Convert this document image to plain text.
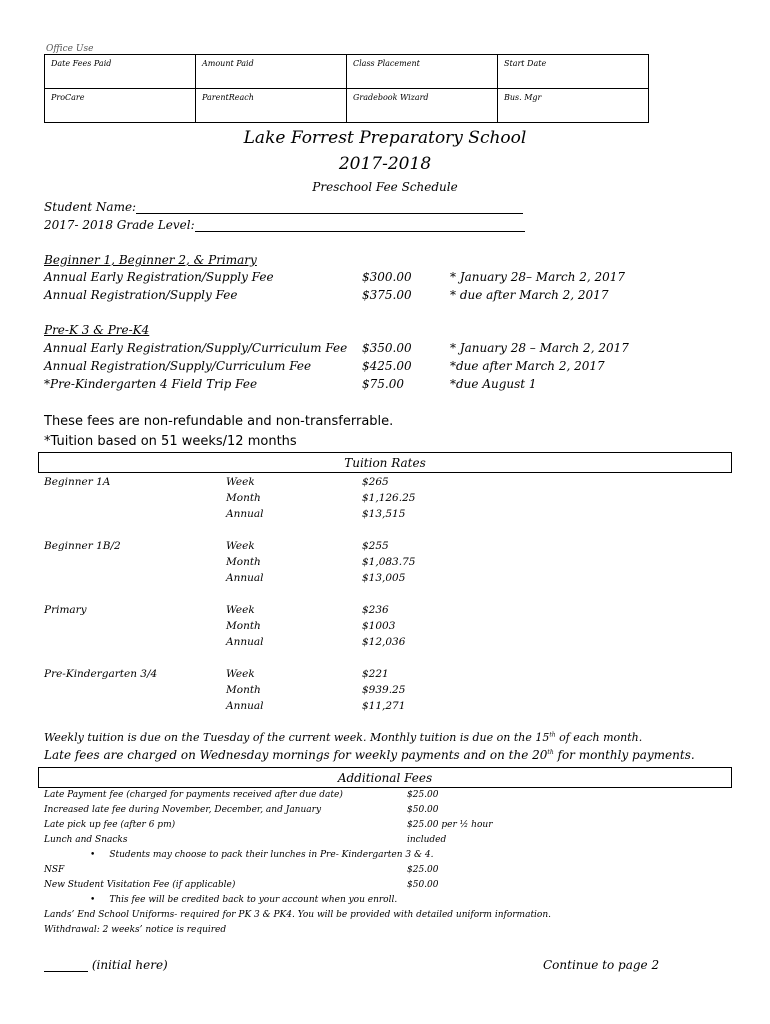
Office Use
Date Fees Paid	Amount Paid	Class Placement	Start Date
ProCare	ParentReach	Gradebook Wizard	Bus. Mgr
Lake Forrest Preparatory School
2017-2018
Preschool Fee Schedule
Student Name:
2017- 2018 Grade Level:
Beginner 1, Beginner 2, & Primary
Annual Early Registration/Supply Fee	$300.00	* January 28– March 2, 2017
Annual Registration/Supply Fee	$375.00	* due after March 2, 2017
Pre-K 3 & Pre-K4
Annual Early Registration/Supply/Curriculum Fee $350.00	* January 28 – March 2, 2017
Annual Registration/Supply/Curriculum Fee	$425.00	*due after March 2, 2017
*Pre-Kindergarten 4 Field Trip Fee	$75.00	*due August 1
These fees are non-refundable and non-transferrable.
*Tuition based on 51 weeks/12 months
Tuition Rates
Beginner 1A	Week	$265
Month	$1,126.25
Annual	$13,515
Beginner 1B/2	Week	$255
Month	$1,083.75
Annual	$13,005
Primary	Week	$236
Month	$1003
Annual	$12,036
Pre-Kindergarten 3/4	Week	$221
Month	$939.25
Annual	$11,271
Weekly tuition is due on the Tuesday of the current week. Monthly tuition is due on the 15th of each month.
Late fees are charged on Wednesday mornings for weekly payments and on the 20th for monthly payments.
Additional Fees
Late Payment fee (charged for payments received after due date)	$25.00
Increased late fee during November, December, and January	$50.00
Late pick up fee (after 6 pm)	$25.00 per ½ hour
Lunch and Snacks	included
• Students may choose to pack their lunches in Pre- Kindergarten 3 & 4.
NSF	$25.00
New Student Visitation Fee (if applicable)	$50.00
• This fee will be credited back to your account when you enroll.
Lands’ End School Uniforms- required for PK 3 & PK4. You will be provided with detailed uniform information.
Withdrawal: 2 weeks’ notice is required
(initial here)	Continue to page 2
